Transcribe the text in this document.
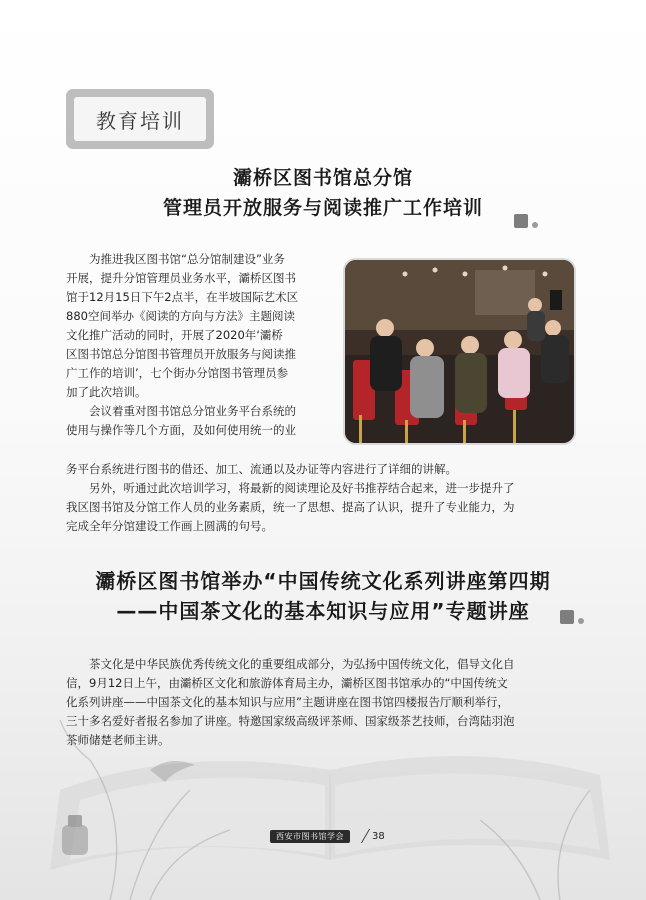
教育培训
灞桥区图书馆总分馆
管理员开放服务与阅读推广工作培训
　　为推进我区图书馆“总分馆制建设”业务
开展，提升分馆管理员业务水平，灞桥区图书
馆于12月15日下午2点半，在半坡国际艺术区
880空间举办《阅读的方向与方法》主题阅读
文化推广活动的同时，开展了2020年‘灞桥
区图书馆总分馆图书管理员开放服务与阅读推
广工作的培训’，七个街办分馆图书管理员参
加了此次培训。
　　会议着重对图书馆总分馆业务平台系统的
使用与操作等几个方面，及如何使用统一的业
务平台系统进行图书的借还、加工、流通以及办证等内容进行了详细的讲解。
　　另外，听通过此次培训学习，将最新的阅读理论及好书推荐结合起来，进一步提升了
我区图书馆及分馆工作人员的业务素质，统一了思想、提高了认识，提升了专业能力，为
完成全年分馆建设工作画上圆满的句号。
灞桥区图书馆举办“中国传统文化系列讲座第四期
——中国茶文化的基本知识与应用”专题讲座
　　茶文化是中华民族优秀传统文化的重要组成部分，为弘扬中国传统文化，倡导文化自
信，9月12日上午，由灞桥区文化和旅游体育局主办，灞桥区图书馆承办的“中国传统文
化系列讲座——中国茶文化的基本知识与应用”主题讲座在图书馆四楼报告厅顺利举行，
三十多名爱好者报名参加了讲座。特邀国家级高级评茶师、国家级茶艺技师，台湾陆羽泡
茶师储楚老师主讲。
西安市图书馆学会	38
